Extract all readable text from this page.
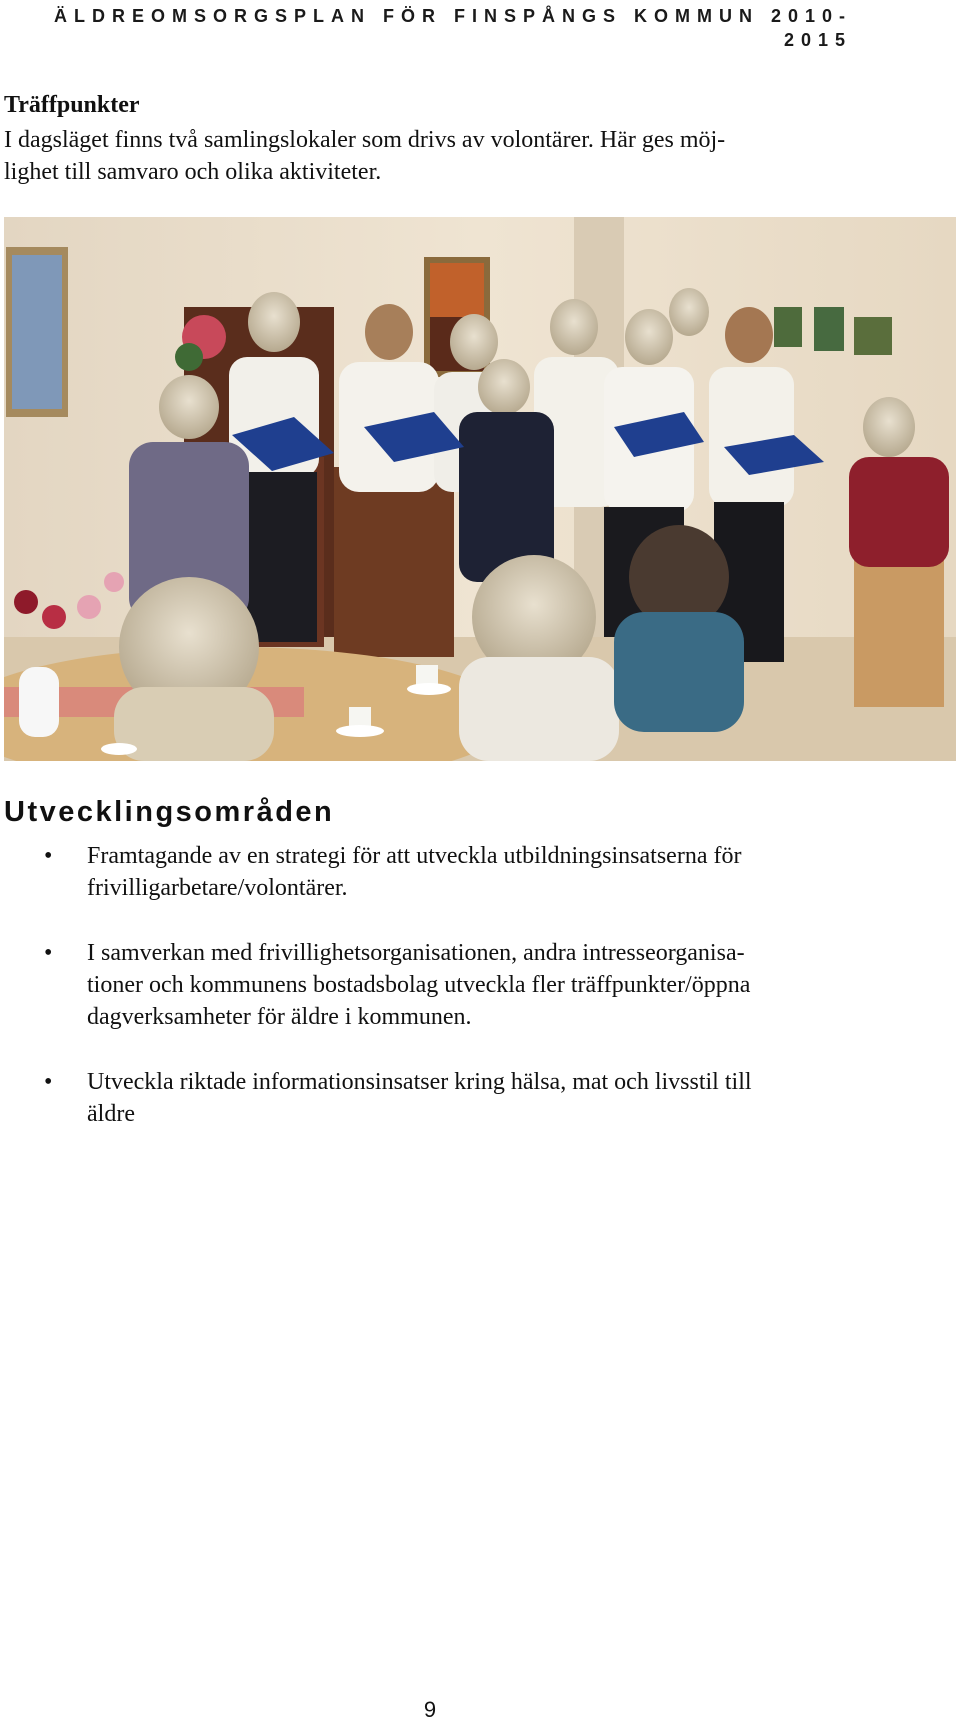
ÄLDREOMSORGSPLAN FÖR FINSPÅNGS KOMMUN 2010-
2015
Träffpunkter

I dagsläget finns två samlingslokaler som drivs av volontärer. Här ges möj-
lighet till samvaro och olika aktiviteter.

Utvecklingsområden
• Framtagande av en strategi för att utveckla utbildningsinsatserna för
frivilligarbetare/volontärer.
• I samverkan med frivillighetsorganisationen, andra intresseorganisa-
tioner och kommunens bostadsbolag utveckla fler träffpunkter/öppna
dagverksamheter för äldre i kommunen.
• Utveckla riktade informationsinsatser kring hälsa, mat och livsstil till
äldre
9
